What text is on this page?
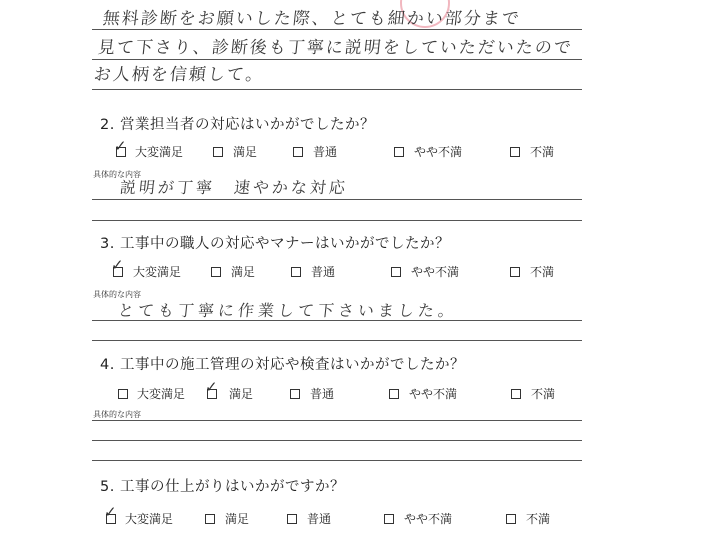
無料診断をお願いした際、とても細かい部分まで
見て下さり、診断後も丁寧に説明をしていただいたので
お人柄を信頼して。
2. 営業担当者の対応はいかがでしたか？
✓ 大変満足	満足	普通	やや不満	不満
具体的な内容
説明が丁寧　速やかな対応
3. 工事中の職人の対応やマナーはいかがでしたか？
✓ 大変満足	満足	普通	やや不満	不満
具体的な内容
とても丁寧に作業して下さいました。
4. 工事中の施工管理の対応や検査はいかがでしたか？
大変満足 ✓ 満足	普通	やや不満	不満
具体的な内容
5. 工事の仕上がりはいかがですか？
✓ 大変満足	満足	普通	やや不満	不満
